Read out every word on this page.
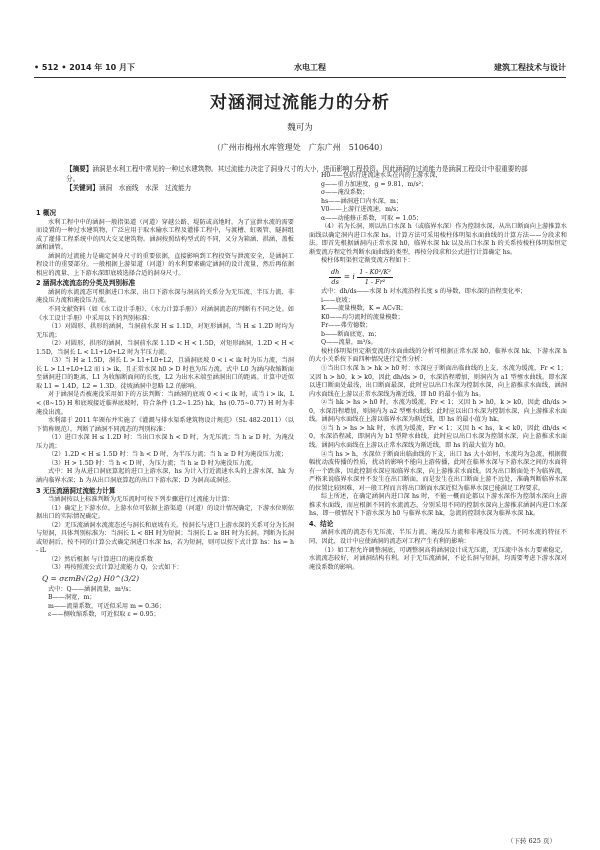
• 512 • 2014 年 10 月下	水电工程	建筑工程技术与设计
对涵洞过流能力的分析
魏可为
（广州市梅州水库管理处　广东广州　510640）
【摘要】涵洞是水利工程中常见的一种过水建筑物。其过流能力决定了洞身尺寸的大小，进而影响工程投资。因此涵洞的过流能力是涵洞工程设计中很重要的部分。
【关键词】涵洞　水面线　水深　过流能力
1 概况

水利工程中中的涵洞一般指渠道（河道）穿越公路、堤防或高地时，为了宣泄水流的需要而设置的一种过水建筑物，广泛应用于取水输水工程及灌排工程中，与渡槽、虹吸管、隧洞组成了灌排工程系统中的四大交叉建筑物。涵洞按照结构型式的不同，又分为箱涵、拱涵、盖板涵和涵管。

涵洞的过流能力是确定洞身尺寸的重要依据，直接影响到工程投资与泄流安全，是涵洞工程设计的重要部分。一般根据上游渠道（河道）的水利要素确定涵洞的设计流量，然后再依据相应的流量、上下游水深即底坡选择合适的洞身尺寸。

2 涵洞水流流态的分类及判别标准

涵洞的水流流态可根据进口水深、出口下游水深与洞高的关系分为无压流、半压力流、非淹没压力流和淹没压力流。

不同文献资料（如《水工设计手册》、《水力计算手册》）对涵洞流态的判断有不同之处。如《水工设计手册》中采用以下的判别标准：

（1）对圆形、拱形的涵洞，当洞前水深 H ≤ 1.1D，对矩形涵洞，当 H ≤ 1.2D 时均为无压流；

（2）对圆形、拱形的涵洞，当洞前水深 1.1D < H < 1.5D，对矩形涵洞，1.2D < H < 1.5D，当洞长 L < L1+L0+L2 时为半压力流。

（3）当 H ≥ 1.5D，洞长 L > L1+L0+L2，且涌洞底坡 0 < i < ik 时为压力流，当洞长 L > L1+L0+L2 而 i > ik，且正常水深 h0 > D 时也为压力流。式中 L0 为涵内收缩断面至涵洞进口的距离，L1 为收缩断面间的长度，L2 为出水末端至涵洞出口的距离。计算中近似取 L1 = 1.4D，L2 = 1.3D。徒坡涵洞中忽略 L2 的影响。

对于涵洞是否被淹没采用如下的方法判断：当涵洞的底坡 0 < i < ik 时，或当 i > ik，L < (8~15) H 和底坡接近临界底坡时，符合条件 (1.2~1.25) hk，hs (0.75~0.77) H 时为非淹没出流。

水利部于 2011 年颁布并实施了《灌溉与排水渠系建筑物设计规范》（SL 482-2011）（以下简称规范），判断了涵洞不同流态的判别标准：

（1）进口水深 H ≤ 1.2D 时：当出口水深 h < D 时，为无压流；当 h ≥ D 时，为淹没压力流；

（2）1.2D < H ≤ 1.5D 时：当 h < D 时，为半压力流；当 h ≥ D 时为淹没压力流；

（3）H > 1.5D 时：当 h < D 时，为压力流；当 h ≥ D 时为淹没压力流。

式中：H 为从进口洞底算起的进口上游水深，hs 为计入行近流速水头的上游水深，hk 为涵内临界水深；h 为从出口洞底算起的出口下游水深；D 为洞高或洞径。

3 无压流涵洞过流能力计算

当涵洞按以上标准判断为无压流时可按下列步骤进行过流能力计算：

（1）确定上下游水位。上游水位可依据上游渠道（河道）的设计情况确定，下游水位则依据出口的实际情况确定。

（2）无压流涵洞水流流态还与洞长和底坡有关。按洞长与进口上游水深的关系可分为长洞与短洞，具体判别标准为：当洞长 L < 8H 时为短洞；当洞长 L ≥ 8H 时为长洞。判断为长洞或短洞后，按不同的计算公式确定洞进口水深 hs，若为短洞，则可以按下式计算 hs：hs = h - iL

（2）然后根据 与计算进口的淹没系数

（3）再按照流公式计算过流能力 Q，公式如下：

Q = σεmB√(2g) H0^(3/2)

式中：Q——涵洞流量，m³/s；

B——洞宽，m；

m——流量系数，可近似采用 m = 0.36；

ε——侧收缩系数，可近似取 ε = 0.95；

H0——包括行进流速水头在内的上游水深，

g——重力加速度，g = 9.81，m/s²；

σ——淹没系数；

hs——涵洞进口内水深，m；

V0——上游行进流速，m/s；

α——动能修正系数，可取 = 1.05；

（4）若为长洞，则以出口水深 h（或临界水深）作为控制水深，从出口断面向上游推算水面线以确定洞内进口水深 hs。计算方法可采用棱柱体明渠水面曲线的计算方法——分段求和法。即首先根据涵洞内正常水深 h0，临界水深 hk 以及出口水深 h 的关系按棱柱体明渠恒定渐变流方程定性判断水面曲线的类型，再按分段求和公式进行计算确定 hs。

棱柱体明渠恒定渐变流方程如下：

$\frac{dh}{ds} = i \frac{\text{1 - K0²/K²}}{\text{1 - Fr²}}$

式中：dh/ds——水深 h 对水流沿程长度 s 的导数，即水深的沿程变化率；

i——底坡；

K——流量模数，K = AC√R；

K0——均匀流时的流量模数；

Fr——弗劳德数；

b——断面底宽，m；

Q——流量，m³/s。

棱柱体明渠恒定渐变流的水面曲线的分析可根据正常水深 h0、临界水深 hk、下游水深 h 的大小关系按下面四种情况进行定性分析：

①当出口水深 h > hk > h0 时：水深应于断面出临曲线的上支，水流为缓流，Fr < 1；又因 h > h0，k > k0，因此 dh/ds > 0，水深沿程增加，则洞内为 a1 型壅水曲线。即水深以进口断面处最浅，出口断面最深，此时应以出口水深为控制水深，向上游推求水面线，涵洞内水面线在上游以正常水深线为渐近线，即 h0 的最小值为 hs。

②当 hk > hs > h0 时，水流为缓流，Fr < 1；又因 h > h0，k > k0，因此 dh/ds > 0，水深沿程增加，则洞内为 a2 型壅水曲线；此时应以出口水深为控制水深，向上游推求水面线。涵洞内水面线在上游以临界水深为渐近线，即 hs 的最小值为 hk。

③当 h > hs > hk 时，水流为缓流，Fr < 1；又因 h < hs，k < k0，因此 dh/ds < 0，水深沿程减，即洞内为 b1 型降水曲线，此时应以出口水深为控制水深，向上游推求水面线。涵洞内水面线在上游以正常水深线为渐近线，即 hs 的最大值为 h0。

④当 hs > h，水深位于断面出临曲线的下支，出口 hs 大小如何，水流均为急流，根据微幅扰动波传播的性质，扰动的影响不能向上游传播，此时在临界水深与下游水深之间的水面将有一个跌落，因此控制水深应取临界水深，向上游推求水面线。因为出口断面处不为临界流，严格来说临界水深并不发生在出口断面，而是发生在出口断面上游不远处，准确判断临界水深的位置比较困难，对一般工程而言将出口断面水深近似为临界水深已能满足工程要求。

综上所述，在确定涵洞内进口深 hs 时，不能一概而论都以下游水深作为控制水深向上游推求水面线，而应根据不同的水流流态，分别采用不同的控制水深向上游推求涵洞内进口水深 hs，即一般情况下下游水深为 h0 与临界水深 hk，急流的控制水深为临界水深 hk。

4、结论

涵洞水流的流态有无压流、半压力流、淹没压力流和非淹没压力流，不同水流的特征不同，因此，设计中应使涵洞的流态对工程产生有利的影响：

（1）如工程允许调整洞底，可调整洞高将涵洞设计成无压流，无压流中各水力要素稳定，水流流态较好，对涵洞结构有利。对于无压流涵洞，不论长洞与短洞，均需要考虑下游水深对淹没系数的影响。

（下转 625 页）
